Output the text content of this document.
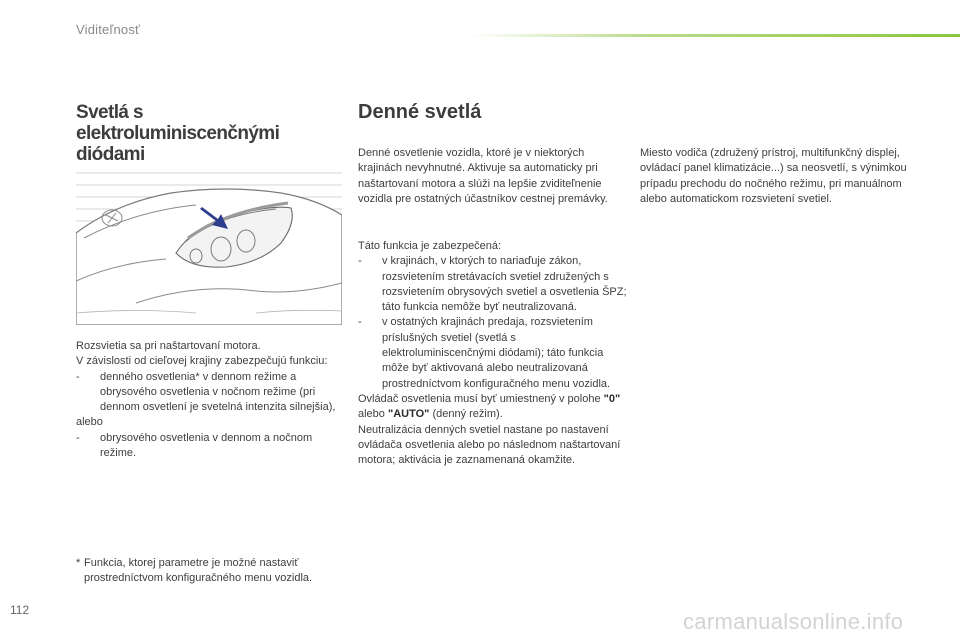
Viditeľnosť
Svetlá s elektroluminiscenčnými diódami
Denné svetlá

Rozsvietia sa pri naštartovaní motora.

V závislosti od cieľovej krajiny zabezpečujú funkciu:

- denného osvetlenia* v dennom režime a obrysového osvetlenia v nočnom režime (pri dennom osvetlení je svetelná intenzita silnejšia),

alebo

- obrysového osvetlenia v dennom a nočnom režime.

* Funkcia, ktorej parametre je možné nastaviť prostredníctvom konfiguračného menu vozidla.

Denné osvetlenie vozidla, ktoré je v niektorých krajinách nevyhnutné. Aktivuje sa automaticky pri naštartovaní motora a slúži na lepšie zviditeľnenie vozidla pre ostatných účastníkov cestnej premávky.

Táto funkcia je zabezpečená:

- v krajinách, v ktorých to nariaďuje zákon, rozsvietením stretávacích svetiel združených s rozsvietením obrysových svetiel a osvetlenia ŠPZ; táto funkcia nemôže byť neutralizovaná.

- v ostatných krajinách predaja, rozsvietením príslušných svetiel (svetlá s elektroluminiscenčnými diódami); táto funkcia môže byť aktivovaná alebo neutralizovaná prostredníctvom konfiguračného menu vozidla.

Ovládač osvetlenia musí byť umiestnený v polohe "0" alebo "AUTO" (denný režim).

Neutralizácia denných svetiel nastane po nastavení ovládača osvetlenia alebo po následnom naštartovaní motora; aktivácia je zaznamenaná okamžite.

Miesto vodiča (združený prístroj, multifunkčný displej, ovládací panel klimatizácie...) sa neosvetlí, s výnimkou prípadu prechodu do nočného režimu, pri manuálnom alebo automatickom rozsvietení svetiel.

112	carmanualsonline.info
